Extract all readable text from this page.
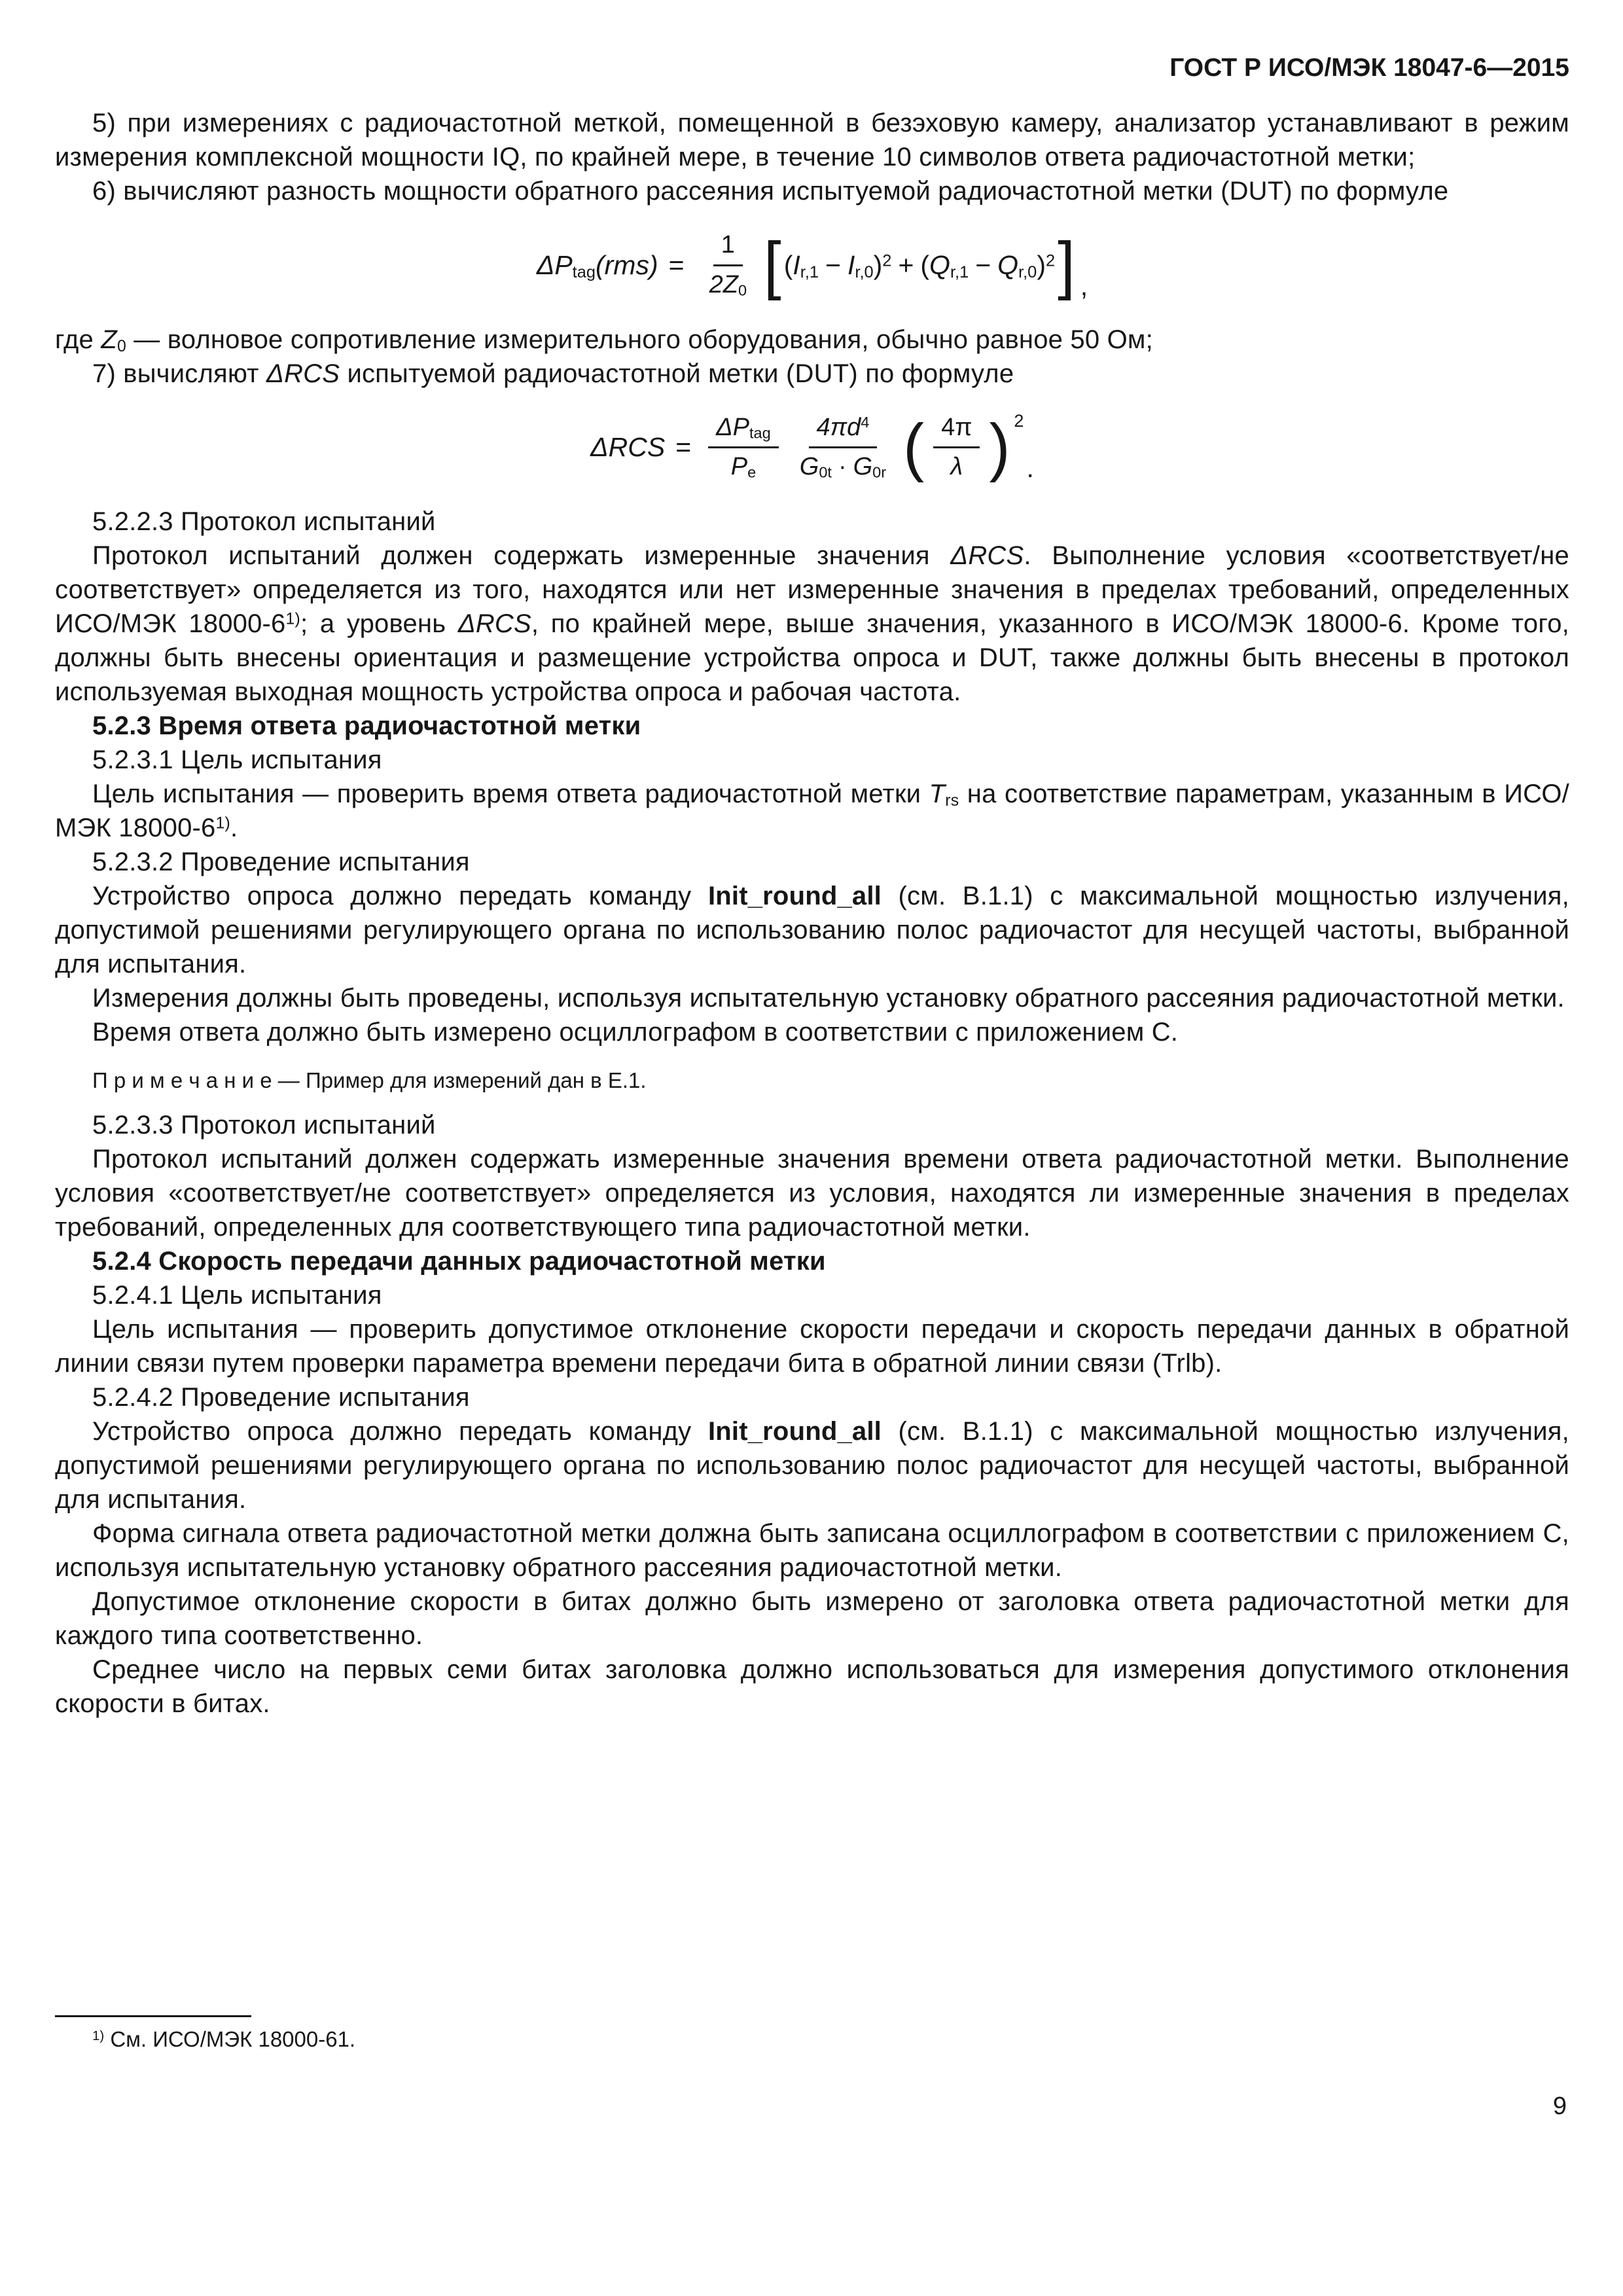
ГОСТ Р ИСО/МЭК 18047-6—2015

5) при измерениях с радиочастотной меткой, помещенной в безэховую камеру, анализатор устанавливают в режим измерения комплексной мощности IQ, по крайней мере, в течение 10 символов ответа радиочастотной метки;

6) вычисляют разность мощности обратного рассеяния испытуемой радиочастотной метки (DUT) по формуле

$\Delta P_{tag}(rms) = \frac{1}{2Z_0}$ [ $(I_{r,1} - I_{r,0})^2 + (Q_{r,1} - Q_{r,0})^2$ ] ,

где $Z_0$ — волновое сопротивление измерительного оборудования, обычно равное 50 Ом;

7) вычисляют ΔRCS испытуемой радиочастотной метки (DUT) по формуле

$\Delta RCS = \frac{\Delta P_{tag}}{P_e} \frac{4\pi d^4}{G_{0t} \cdot G_{0r}}$ ( $\frac{4\pi}{\lambda}$ ) 2
.

5.2.2.3 Протокол испытаний

Протокол испытаний должен содержать измеренные значения ΔRCS. Выполнение условия «соответствует/не соответствует» определяется из того, находятся или нет измеренные значения в пределах требований, определенных ИСО/МЭК 18000-6$^{1)}$; а уровень ΔRCS, по крайней мере, выше значения, указанного в ИСО/МЭК 18000-6. Кроме того, должны быть внесены ориентация и размещение устройства опроса и DUT, также должны быть внесены в протокол используемая выходная мощность устройства опроса и рабочая частота.

5.2.3 Время ответа радиочастотной метки

5.2.3.1 Цель испытания

Цель испытания — проверить время ответа радиочастотной метки $T_{rs}$ на соответствие параметрам, указанным в ИСО/МЭК 18000-6$^{1)}$.

5.2.3.2 Проведение испытания

Устройство опроса должно передать команду Init_round_all (см. В.1.1) с максимальной мощностью излучения, допустимой решениями регулирующего органа по использованию полос радиочастот для несущей частоты, выбранной для испытания.

Измерения должны быть проведены, используя испытательную установку обратного рассеяния радиочастотной метки.

Время ответа должно быть измерено осциллографом в соответствии с приложением С.

П р и м е ч а н и е — Пример для измерений дан в Е.1.

5.2.3.3 Протокол испытаний

Протокол испытаний должен содержать измеренные значения времени ответа радиочастотной метки. Выполнение условия «соответствует/не соответствует» определяется из условия, находятся ли измеренные значения в пределах требований, определенных для соответствующего типа радиочастотной метки.

5.2.4 Скорость передачи данных радиочастотной метки

5.2.4.1 Цель испытания

Цель испытания — проверить допустимое отклонение скорости передачи и скорость передачи данных в обратной линии связи путем проверки параметра времени передачи бита в обратной линии связи (Trlb).

5.2.4.2 Проведение испытания

Устройство опроса должно передать команду Init_round_all (см. В.1.1) с максимальной мощностью излучения, допустимой решениями регулирующего органа по использованию полос радиочастот для несущей частоты, выбранной для испытания.

Форма сигнала ответа радиочастотной метки должна быть записана осциллографом в соответствии с приложением С, используя испытательную установку обратного рассеяния радиочастотной метки.

Допустимое отклонение скорости в битах должно быть измерено от заголовка ответа радиочастотной метки для каждого типа соответственно.

Среднее число на первых семи битах заголовка должно использоваться для измерения допустимого отклонения скорости в битах.

$^{1)}$ См. ИСО/МЭК 18000-61.

9
